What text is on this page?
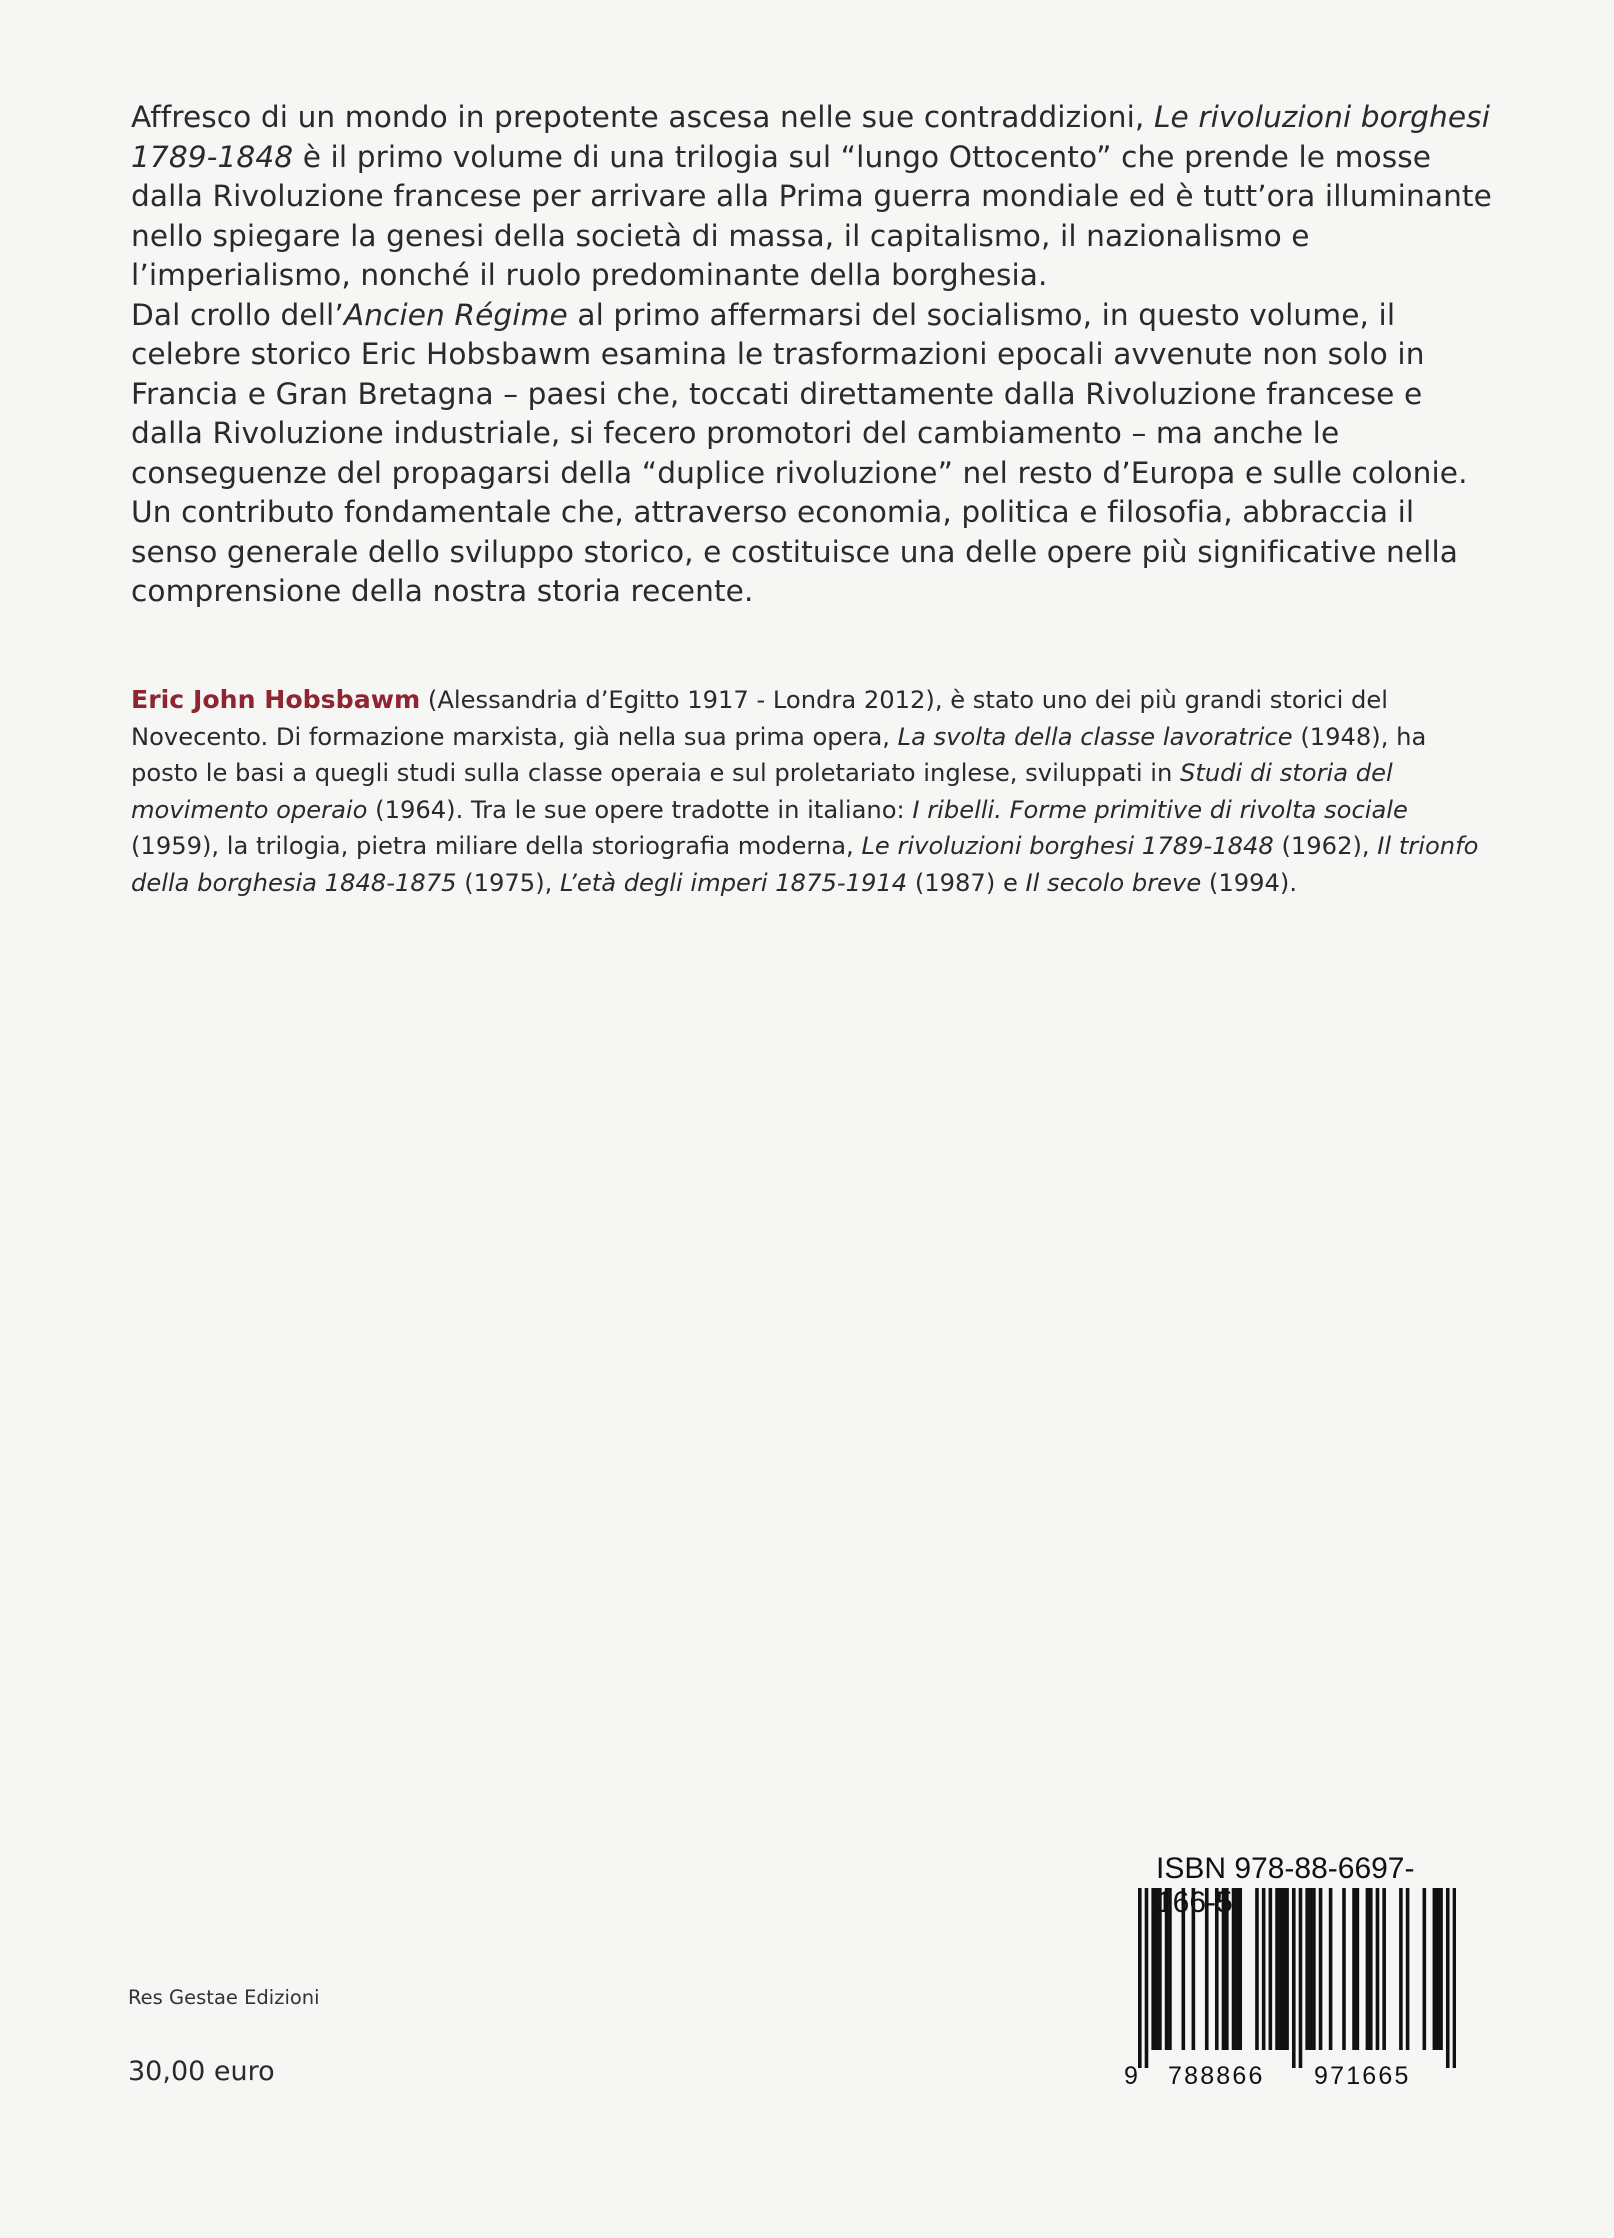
Affresco di un mondo in prepotente ascesa nelle sue contraddizioni, Le rivoluzioni borghesi 1789-1848 è il primo volume di una trilogia sul “lungo Ottocento” che prende le mosse dalla Rivoluzione francese per arrivare alla Prima guerra mondiale ed è tutt’ora illuminante nello spiegare la genesi della società di massa, il capitalismo, il nazionalismo e l’imperialismo, nonché il ruolo predominante della borghesia.

Dal crollo dell’Ancien Régime al primo affermarsi del socialismo, in questo volume, il celebre storico Eric Hobsbawm esamina le trasformazioni epocali avvenute non solo in Francia e Gran Bretagna – paesi che, toccati direttamente dalla Rivoluzione francese e dalla Rivoluzione industriale, si fecero promotori del cambiamento – ma anche le conseguenze del propagarsi della “duplice rivoluzione” nel resto d’Europa e sulle colonie. Un contributo fondamentale che, attraverso economia, politica e filosofia, abbraccia il senso generale dello sviluppo storico, e costituisce una delle opere più significative nella comprensione della nostra storia recente.

Eric John Hobsbawm (Alessandria d’Egitto 1917 - Londra 2012), è stato uno dei più grandi storici del Novecento. Di formazione marxista, già nella sua prima opera, La svolta della classe lavoratrice (1948), ha posto le basi a quegli studi sulla classe operaia e sul proletariato inglese, sviluppati in Studi di storia del movimento operaio (1964). Tra le sue opere tradotte in italiano: I ribelli. Forme primitive di rivolta sociale (1959), la trilogia, pietra miliare della storiografia moderna, Le rivoluzioni borghesi 1789-1848 (1962), Il trionfo della borghesia 1848-1875 (1975), L’età degli imperi 1875-1914 (1987) e Il secolo breve (1994).

Res Gestae Edizioni
30,00 euro
ISBN 978-88-6697-166-5
9 788866 971665
